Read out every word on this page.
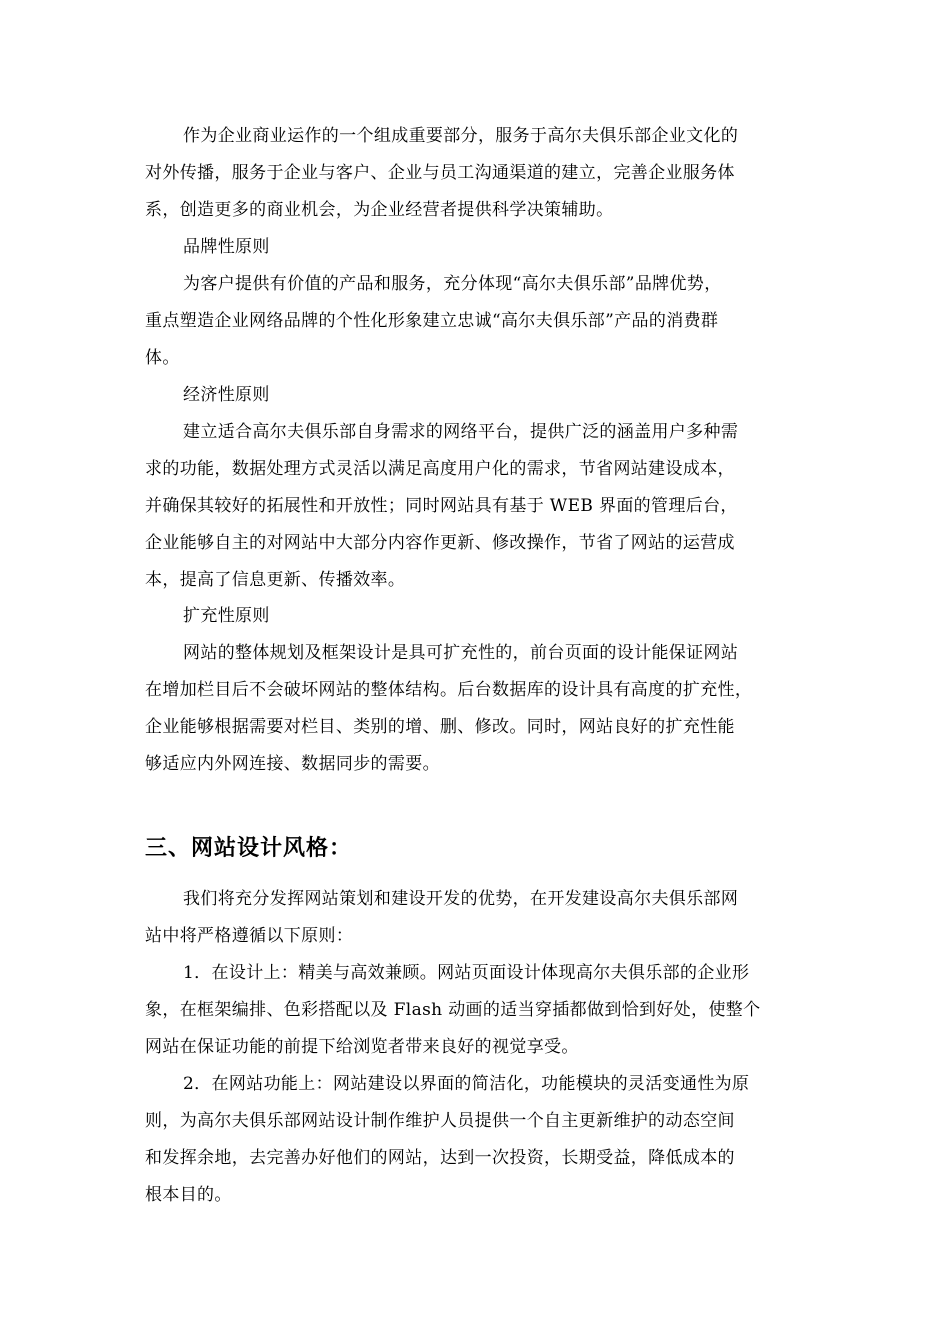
作为企业商业运作的一个组成重要部分，服务于高尔夫俱乐部企业文化的
对外传播，服务于企业与客户、企业与员工沟通渠道的建立，完善企业服务体
系，创造更多的商业机会，为企业经营者提供科学决策辅助。
品牌性原则
为客户提供有价值的产品和服务，充分体现“高尔夫俱乐部”品牌优势，
重点塑造企业网络品牌的个性化形象建立忠诚“高尔夫俱乐部”产品的消费群
体。
经济性原则
建立适合高尔夫俱乐部自身需求的网络平台，提供广泛的涵盖用户多种需
求的功能，数据处理方式灵活以满足高度用户化的需求，节省网站建设成本，
并确保其较好的拓展性和开放性；同时网站具有基于 WEB 界面的管理后台，
企业能够自主的对网站中大部分内容作更新、修改操作，节省了网站的运营成
本，提高了信息更新、传播效率。
扩充性原则
网站的整体规划及框架设计是具可扩充性的，前台页面的设计能保证网站
在增加栏目后不会破坏网站的整体结构。后台数据库的设计具有高度的扩充性，
企业能够根据需要对栏目、类别的增、删、修改。同时，网站良好的扩充性能
够适应内外网连接、数据同步的需要。
三、网站设计风格：
我们将充分发挥网站策划和建设开发的优势，在开发建设高尔夫俱乐部网
站中将严格遵循以下原则：
1．在设计上：精美与高效兼顾。网站页面设计体现高尔夫俱乐部的企业形
象，在框架编排、色彩搭配以及 Flash 动画的适当穿插都做到恰到好处，使整个
网站在保证功能的前提下给浏览者带来良好的视觉享受。
2．在网站功能上：网站建设以界面的简洁化，功能模块的灵活变通性为原
则，为高尔夫俱乐部网站设计制作维护人员提供一个自主更新维护的动态空间
和发挥余地，去完善办好他们的网站，达到一次投资，长期受益，降低成本的
根本目的。
